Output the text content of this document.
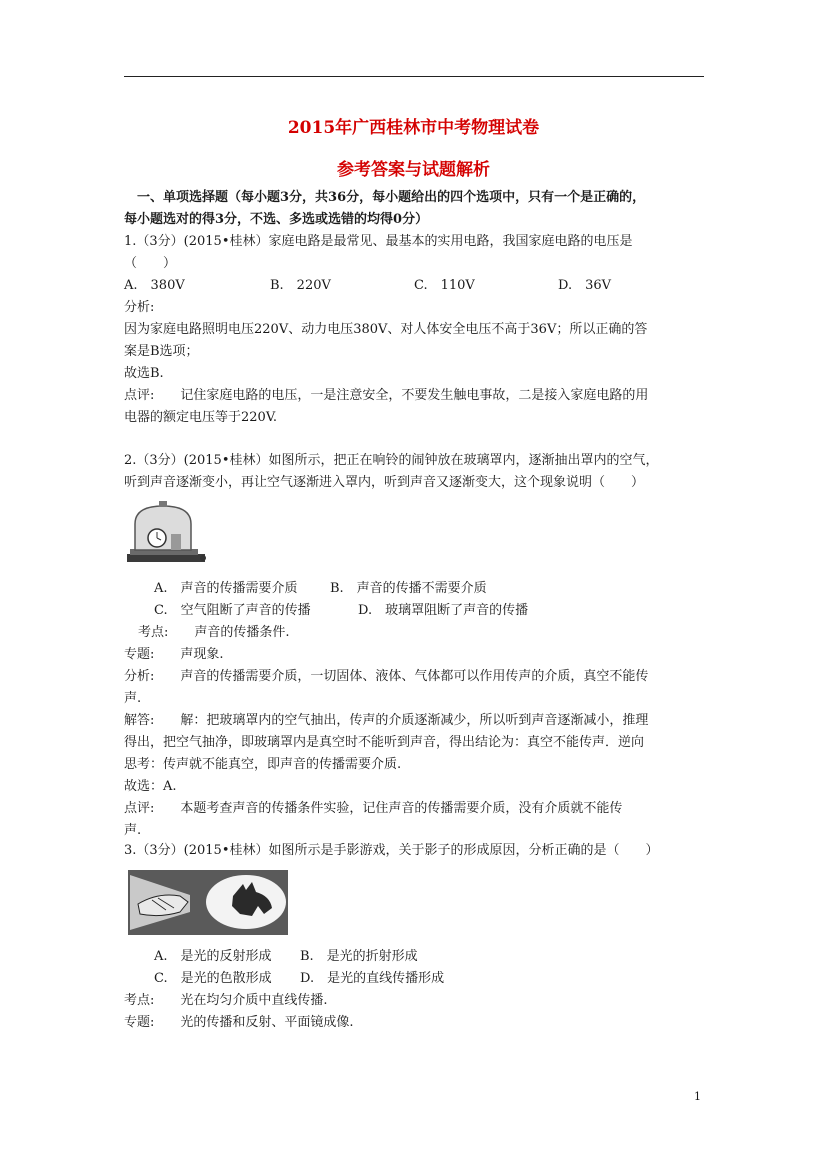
2015年广西桂林市中考物理试卷
参考答案与试题解析
一、单项选择题（每小题3分，共36分，每小题给出的四个选项中，只有一个是正确的，
每小题选对的得3分，不选、多选或选错的均得0分）
1.（3分）(2015•桂林）家庭电路是最常见、最基本的实用电路，我国家庭电路的电压是
（　　）
A.　380V	B.　220V	C.　110V	D.　36V
分析:
因为家庭电路照明电压220V、动力电压380V、对人体安全电压不高于36V；所以正确的答
案是B选项；
故选B.
点评:　　记住家庭电路的电压，一是注意安全，不要发生触电事故，二是接入家庭电路的用
电器的额定电压等于220V.
2.（3分）(2015•桂林）如图所示，把正在响铃的闹钟放在玻璃罩内，逐渐抽出罩内的空气，
听到声音逐渐变小，再让空气逐渐进入罩内，听到声音又逐渐变大，这个现象说明（　　）
A.　声音的传播需要介质 B.　声音的传播不需要介质
C.　空气阻断了声音的传播	D.　玻璃罩阻断了声音的传播
考点:　　声音的传播条件.
专题:　　声现象.
分析:　　声音的传播需要介质，一切固体、液体、气体都可以作用传声的介质，真空不能传
声.
解答:　　解：把玻璃罩内的空气抽出，传声的介质逐渐减少，所以听到声音逐渐减小，推理
得出，把空气抽净，即玻璃罩内是真空时不能听到声音，得出结论为：真空不能传声．逆向
思考：传声就不能真空，即声音的传播需要介质.
故选：A.
点评:　　本题考查声音的传播条件实验，记住声音的传播需要介质，没有介质就不能传
声.
3.（3分）(2015•桂林）如图所示是手影游戏，关于影子的形成原因，分析正确的是（　　）
A.　是光的反射形成 B.　是光的折射形成
C.　是光的色散形成 D.　是光的直线传播形成
考点:　　光在均匀介质中直线传播.
专题:　　光的传播和反射、平面镜成像.
1
